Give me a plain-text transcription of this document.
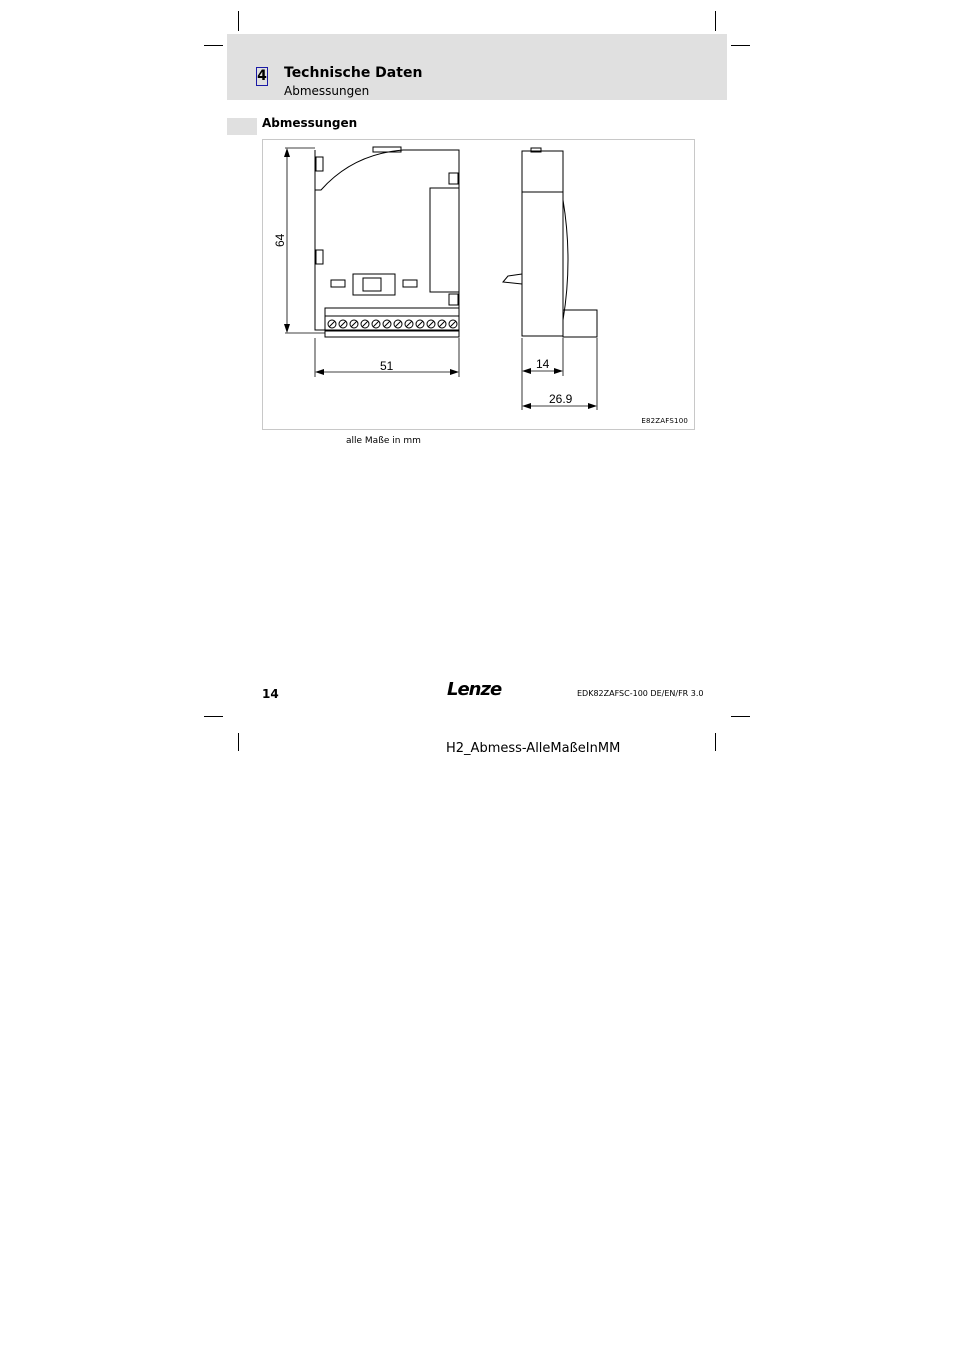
4 Technische Daten
Abmessungen
Abmessungen
64
51	14
26.9
E82ZAFS100
alle Maße in mm
14	Lenze	EDK82ZAFSC-100 DE/EN/FR 3.0
H2_Abmess-AlleMaßeInMM
